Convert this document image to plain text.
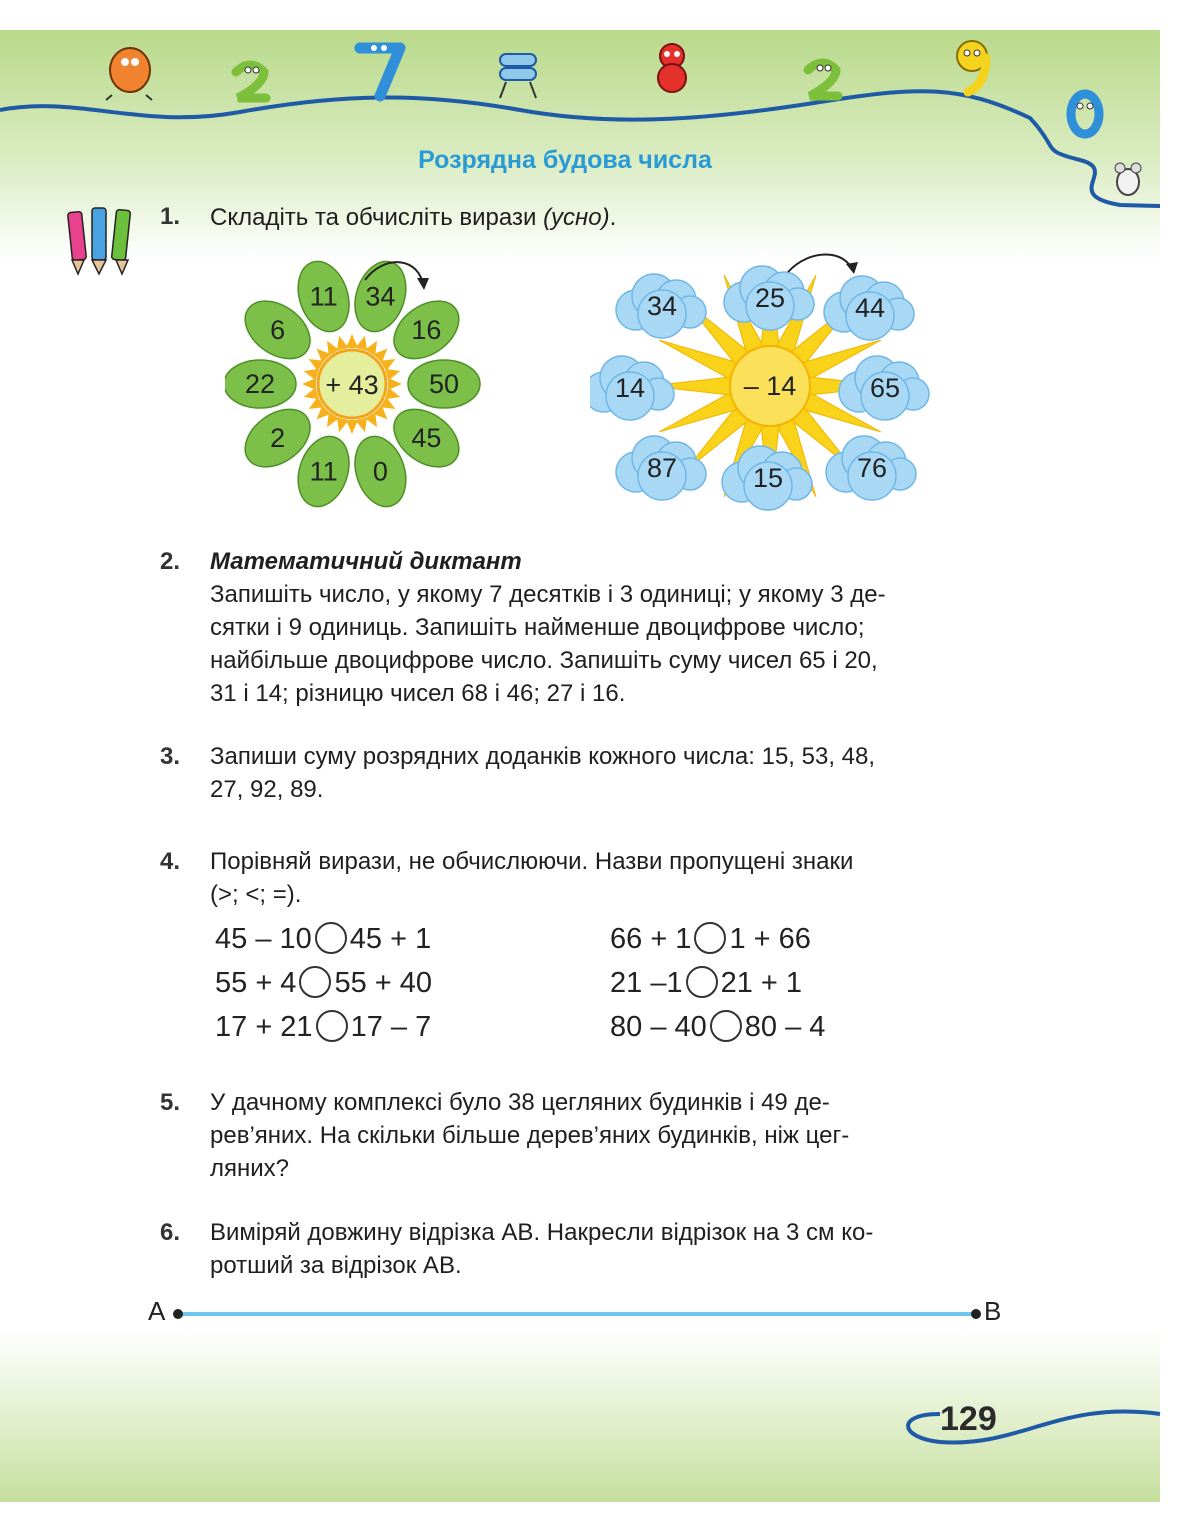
Розрядна будова числа
1.	Складіть та обчисліть вирази (усно).
+ 43
34
16
50
45
0
11
2
22
6
11
– 14
25	44
65
76
15
87
14
34
2.	Математичний диктант
Запишіть число, у якому 7 десятків і 3 одиниці; у якому 3 де-
сятки і 9 одиниць. Запишіть найменше двоцифрове число;
найбільше двоцифрове число. Запишіть суму чисел 65 і 20,
31 і 14; різницю чисел 68 і 46; 27 і 16.
3.	Запиши суму розрядних доданків кожного числа: 15, 53, 48,
27, 92, 89.
4.	Порівняй вирази, не обчислюючи. Назви пропущені знаки
(>; <; =).
45 – 10 45 + 1
55 + 4 55 + 40
17 + 21 17 – 7
66 + 1 1 + 66
21 –1 21 + 1
80 – 40 80 – 4
5.	У дачному комплексі було 38 цегляних будинків і 49 де-
рев’яних. На скільки більше дерев’яних будинків, ніж цег-
ляних?
6.	Виміряй довжину відрізка АВ. Накресли відрізок на 3 см ко-
ротший за відрізок АВ.
А	В
129
